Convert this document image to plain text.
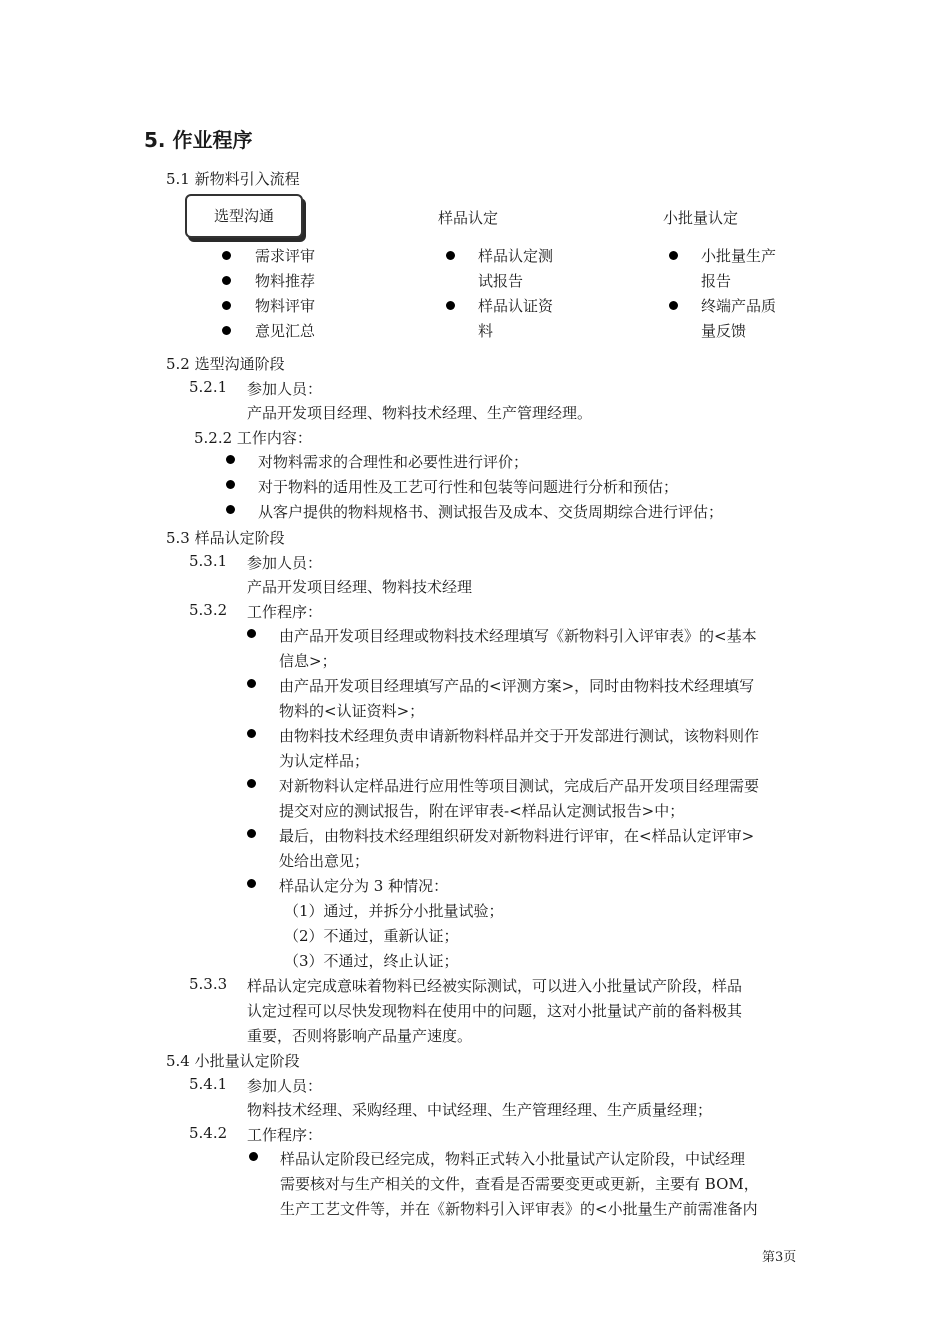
5. 作业程序
5.1 新物料引入流程
选型沟通	样品认定	小批量认定
需求评审
物料推荐
物料评审
意见汇总
样品认定测
试报告
样品认证资
料
小批量生产
报告
终端产品质
量反馈
5.2 选型沟通阶段
5.2.1 参加人员：
产品开发项目经理、物料技术经理、生产管理经理。
5.2.2 工作内容：
对物料需求的合理性和必要性进行评价；
对于物料的适用性及工艺可行性和包装等问题进行分析和预估；
从客户提供的物料规格书、测试报告及成本、交货周期综合进行评估；
5.3 样品认定阶段
5.3.1 参加人员：
产品开发项目经理、物料技术经理
5.3.2 工作程序：
由产品开发项目经理或物料技术经理填写《新物料引入评审表》的<基本
信息>；
由产品开发项目经理填写产品的<评测方案>，同时由物料技术经理填写
物料的<认证资料>；
由物料技术经理负责申请新物料样品并交于开发部进行测试，该物料则作
为认定样品；
对新物料认定样品进行应用性等项目测试，完成后产品开发项目经理需要
提交对应的测试报告，附在评审表-<样品认定测试报告>中；
最后，由物料技术经理组织研发对新物料进行评审，在<样品认定评审>
处给出意见；
样品认定分为 3 种情况：
（1）通过，并拆分小批量试验；
（2）不通过，重新认证；
（3）不通过，终止认证；
5.3.3 样品认定完成意味着物料已经被实际测试，可以进入小批量试产阶段，样品
认定过程可以尽快发现物料在使用中的问题，这对小批量试产前的备料极其
重要，否则将影响产品量产速度。
5.4 小批量认定阶段
5.4.1 参加人员：
物料技术经理、采购经理、中试经理、生产管理经理、生产质量经理；
5.4.2 工作程序：
样品认定阶段已经完成，物料正式转入小批量试产认定阶段，中试经理
需要核对与生产相关的文件，查看是否需要变更或更新，主要有 BOM，
生产工艺文件等，并在《新物料引入评审表》的<小批量生产前需准备内
第3页
